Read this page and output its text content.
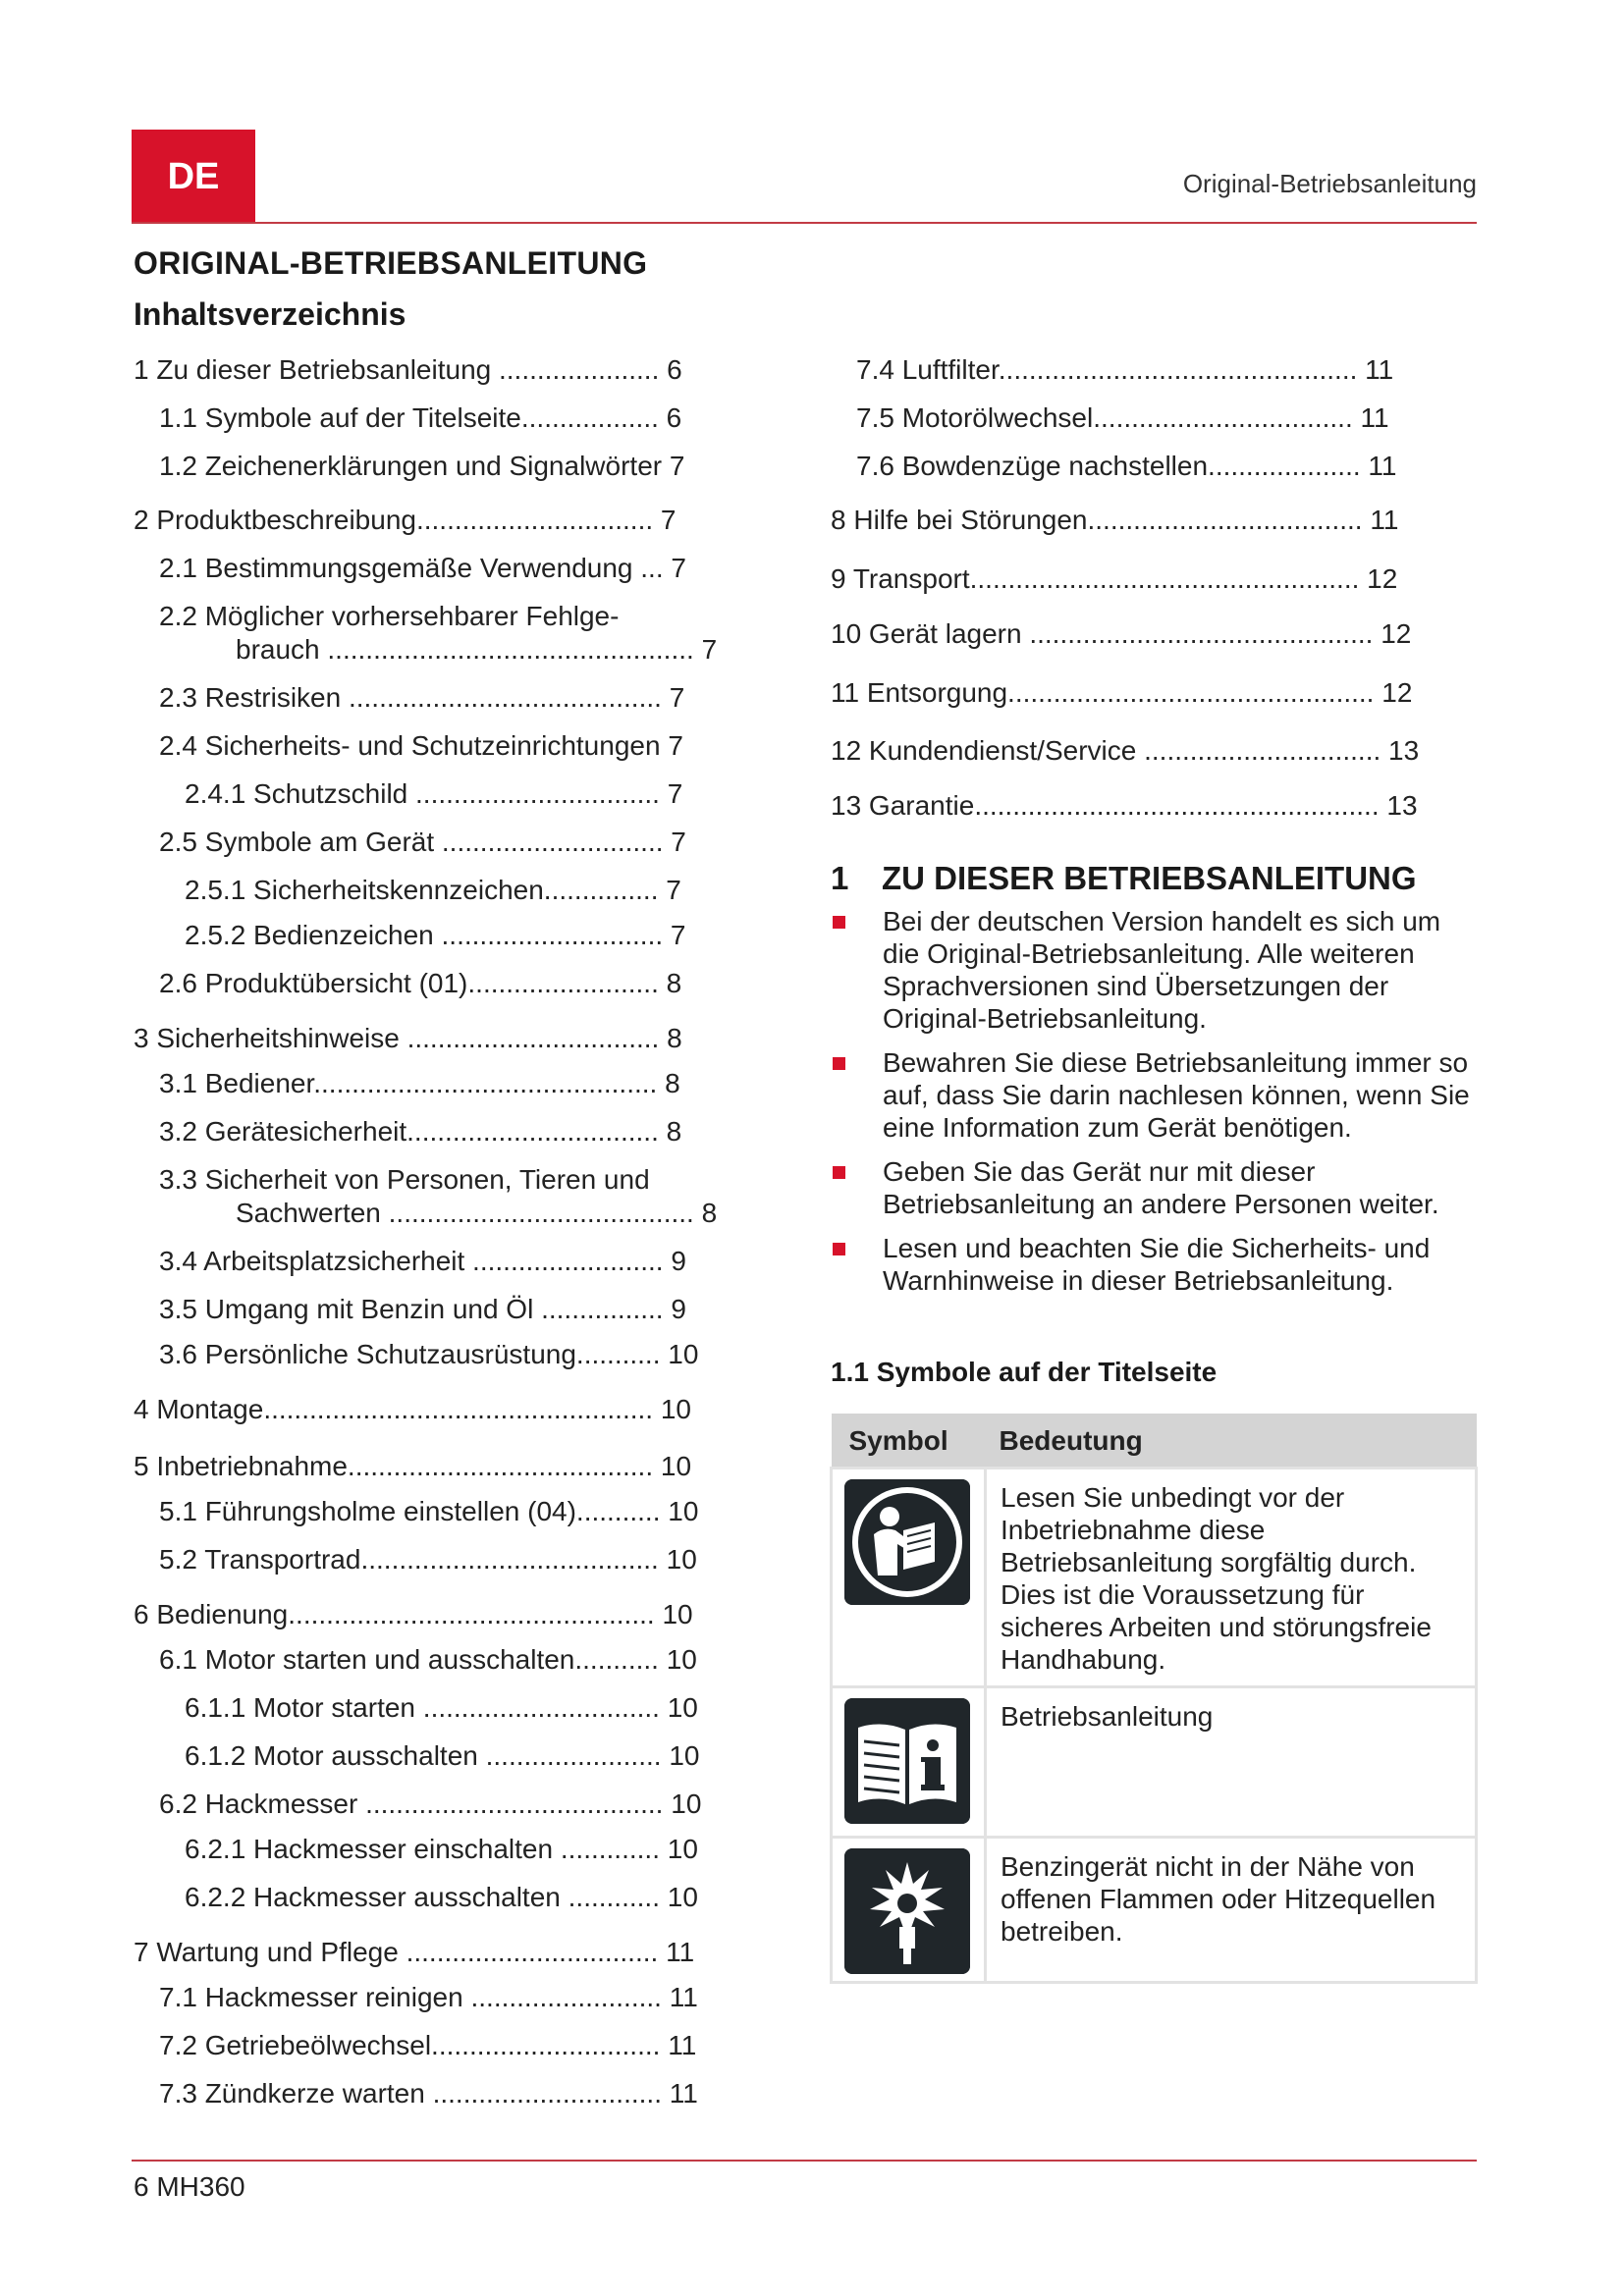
DE	Original-Betriebsanleitung
ORIGINAL-BETRIEBSANLEITUNG
Inhaltsverzeichnis
1 Zu dieser Betriebsanleitung ..................... 6
1.1 Symbole auf der Titelseite.................. 6
1.2 Zeichenerklärungen und Signalwörter 7
2 Produktbeschreibung............................... 7
2.1 Bestimmungsgemäße Verwendung ... 7
2.2 Möglicher vorhersehbarer Fehlge-
brauch ................................................ 7
2.3 Restrisiken ......................................... 7
2.4 Sicherheits- und Schutzeinrichtungen 7
2.4.1 Schutzschild ................................ 7
2.5 Symbole am Gerät ............................. 7
2.5.1 Sicherheitskennzeichen............... 7
2.5.2 Bedienzeichen ............................. 7
2.6 Produktübersicht (01)......................... 8
3 Sicherheitshinweise ................................. 8
3.1 Bediener............................................. 8
3.2 Gerätesicherheit................................. 8
3.3 Sicherheit von Personen, Tieren und
Sachwerten ........................................ 8
3.4 Arbeitsplatzsicherheit ......................... 9
3.5 Umgang mit Benzin und Öl ................ 9
3.6 Persönliche Schutzausrüstung........... 10
4 Montage................................................... 10
5 Inbetriebnahme........................................ 10
5.1 Führungsholme einstellen (04)........... 10
5.2 Transportrad....................................... 10
6 Bedienung................................................ 10
6.1 Motor starten und ausschalten........... 10
6.1.1 Motor starten ............................... 10
6.1.2 Motor ausschalten ....................... 10
6.2 Hackmesser ....................................... 10
6.2.1 Hackmesser einschalten ............. 10
6.2.2 Hackmesser ausschalten ............ 10
7 Wartung und Pflege ................................. 11
7.1 Hackmesser reinigen ......................... 11
7.2 Getriebeölwechsel.............................. 11
7.3 Zündkerze warten .............................. 11
7.4 Luftfilter............................................... 11
7.5 Motorölwechsel.................................. 11
7.6 Bowdenzüge nachstellen.................... 11
8 Hilfe bei Störungen.................................... 11
9 Transport................................................... 12
10 Gerät lagern ............................................. 12
11 Entsorgung................................................ 12
12 Kundendienst/Service ............................... 13
13 Garantie..................................................... 13
1 ZU DIESER BETRIEBSANLEITUNG
Bei der deutschen Version handelt es sich um die Original-Betriebsanleitung. Alle weiteren Sprachversionen sind Übersetzungen der Original-Betriebsanleitung.
Bewahren Sie diese Betriebsanleitung immer so auf, dass Sie darin nachlesen können, wenn Sie eine Information zum Gerät benötigen.
Geben Sie das Gerät nur mit dieser Betriebsanleitung an andere Personen weiter.
Lesen und beachten Sie die Sicherheits- und Warnhinweise in dieser Betriebsanleitung.
1.1 Symbole auf der Titelseite
Symbol	Bedeutung
	Lesen Sie unbedingt vor der Inbetriebnahme diese Betriebsanleitung sorgfältig durch. Dies ist die Voraussetzung für sicheres Arbeiten und störungsfreie Handhabung.
	Betriebsanleitung
	Benzingerät nicht in der Nähe von offenen Flammen oder Hitzequellen betreiben.
6 MH360
